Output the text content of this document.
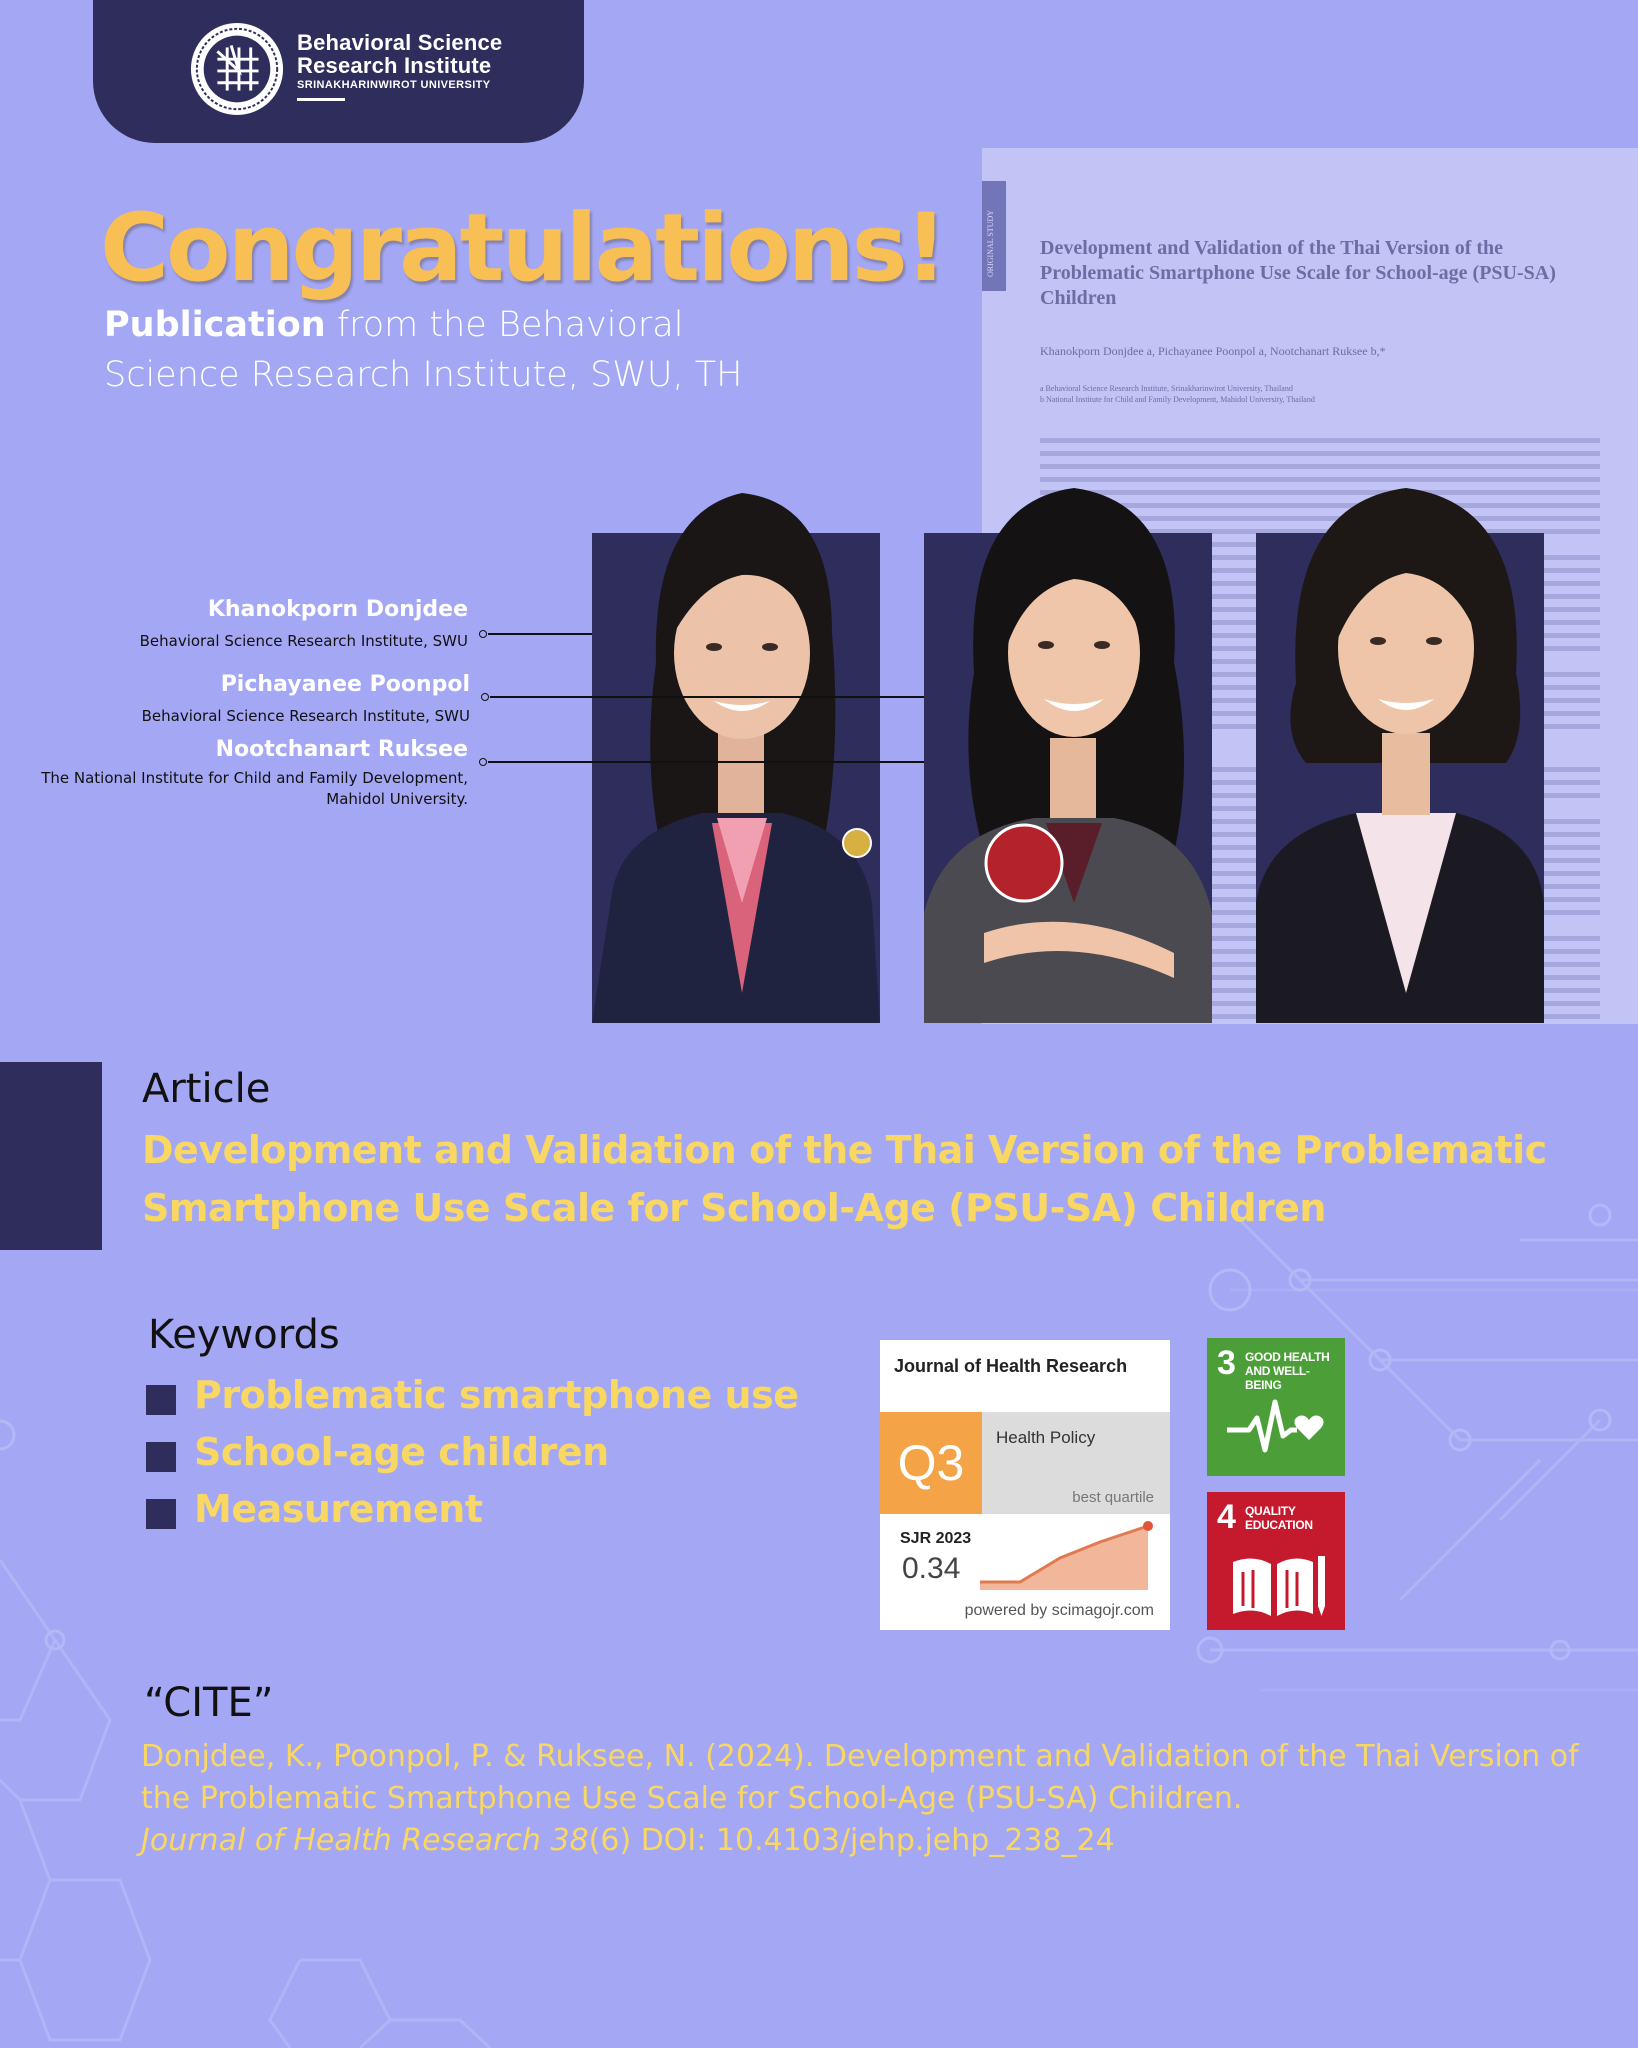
Behavioral Science
Research Institute
SRINAKHARINWIROT UNIVERSITY
Congratulations!
Publication from the Behavioral
Science Research Institute, SWU, TH
ORIGINAL STUDY Development and Validation of the Thai Version of the Problematic Smartphone Use Scale for School-age (PSU-SA) Children
Khanokporn Donjdee a, Pichayanee Poonpol a, Nootchanart Ruksee b,*
a Behavioral Science Research Institute, Srinakharinwirot University, Thailand
b National Institute for Child and Family Development, Mahidol University, Thailand
Khanokporn Donjdee
Behavioral Science Research Institute, SWU
Pichayanee Poonpol
Behavioral Science Research Institute, SWU
Nootchanart Ruksee
The National Institute for Child and Family Development,
Mahidol University.
Article
Development and Validation of the Thai Version of the Problematic Smartphone Use Scale for School-Age (PSU-SA) Children
Keywords
Problematic smartphone use
School-age children
Measurement
Journal of Health Research
Q3	Health Policy
best quartile
SJR 2023
0.34
powered by scimagojr.com
3 GOOD HEALTH AND WELL-BEING
4 QUALITY EDUCATION
“CITE”
Donjdee, K., Poonpol, P. & Ruksee, N. (2024). Development and Validation of the Thai Version of the Problematic Smartphone Use Scale for School-Age (PSU-SA) Children.
Journal of Health Research 38(6) DOI: 10.4103/jehp.jehp_238_24
